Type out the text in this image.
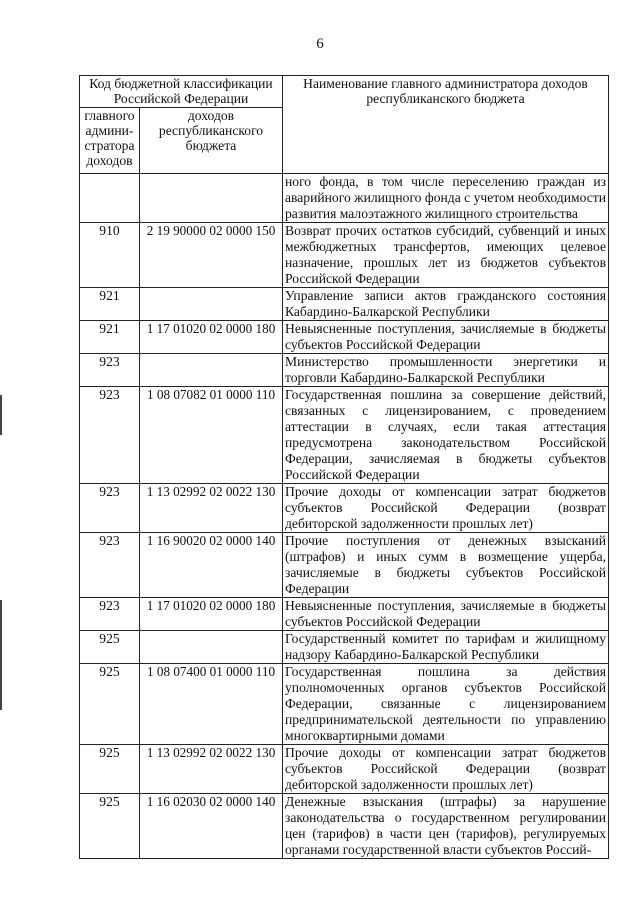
6
Код бюджетной классификации Российской Федерации		Наименование главного администратора доходов республиканского бюджета
главного админи-стратора доходов	доходов республиканского бюджета	
		ного фонда, в том числе переселению граждан из аварийного жилищного фонда с учетом необходимости развития малоэтажного жилищного строительства
910	2 19 90000 02 0000 150	Возврат прочих остатков субсидий, субвенций и иных межбюджетных трансфертов, имеющих целевое назначение, прошлых лет из бюджетов субъектов Российской Федерации
921		Управление записи актов гражданского состояния Кабардино-Балкарской Республики
921	1 17 01020 02 0000 180	Невыясненные поступления, зачисляемые в бюджеты субъектов Российской Федерации
923		Министерство промышленности энергетики и торговли Кабардино-Балкарской Республики
923	1 08 07082 01 0000 110	Государственная пошлина за совершение действий, связанных с лицензированием, с проведением аттестации в случаях, если такая аттестация предусмотрена законодательством Российской Федерации, зачисляемая в бюджеты субъектов Российской Федерации
923	1 13 02992 02 0022 130	Прочие доходы от компенсации затрат бюджетов субъектов Российской Федерации (возврат дебиторской задолженности прошлых лет)
923	1 16 90020 02 0000 140	Прочие поступления от денежных взысканий (штрафов) и иных сумм в возмещение ущерба, зачисляемые в бюджеты субъектов Российской Федерации
923	1 17 01020 02 0000 180	Невыясненные поступления, зачисляемые в бюджеты субъектов Российской Федерации
925		Государственный комитет по тарифам и жилищному надзору Кабардино-Балкарской Республики
925	1 08 07400 01 0000 110	Государственная пошлина за действия уполномоченных органов субъектов Российской Федерации, связанные с лицензированием предпринимательской деятельности по управлению многоквартирными домами
925	1 13 02992 02 0022 130	Прочие доходы от компенсации затрат бюджетов субъектов Российской Федерации (возврат дебиторской задолженности прошлых лет)
925	1 16 02030 02 0000 140	Денежные взыскания (штрафы) за нарушение законодательства о государственном регулировании цен (тарифов) в части цен (тарифов), регулируемых органами государственной власти субъектов Россий-
